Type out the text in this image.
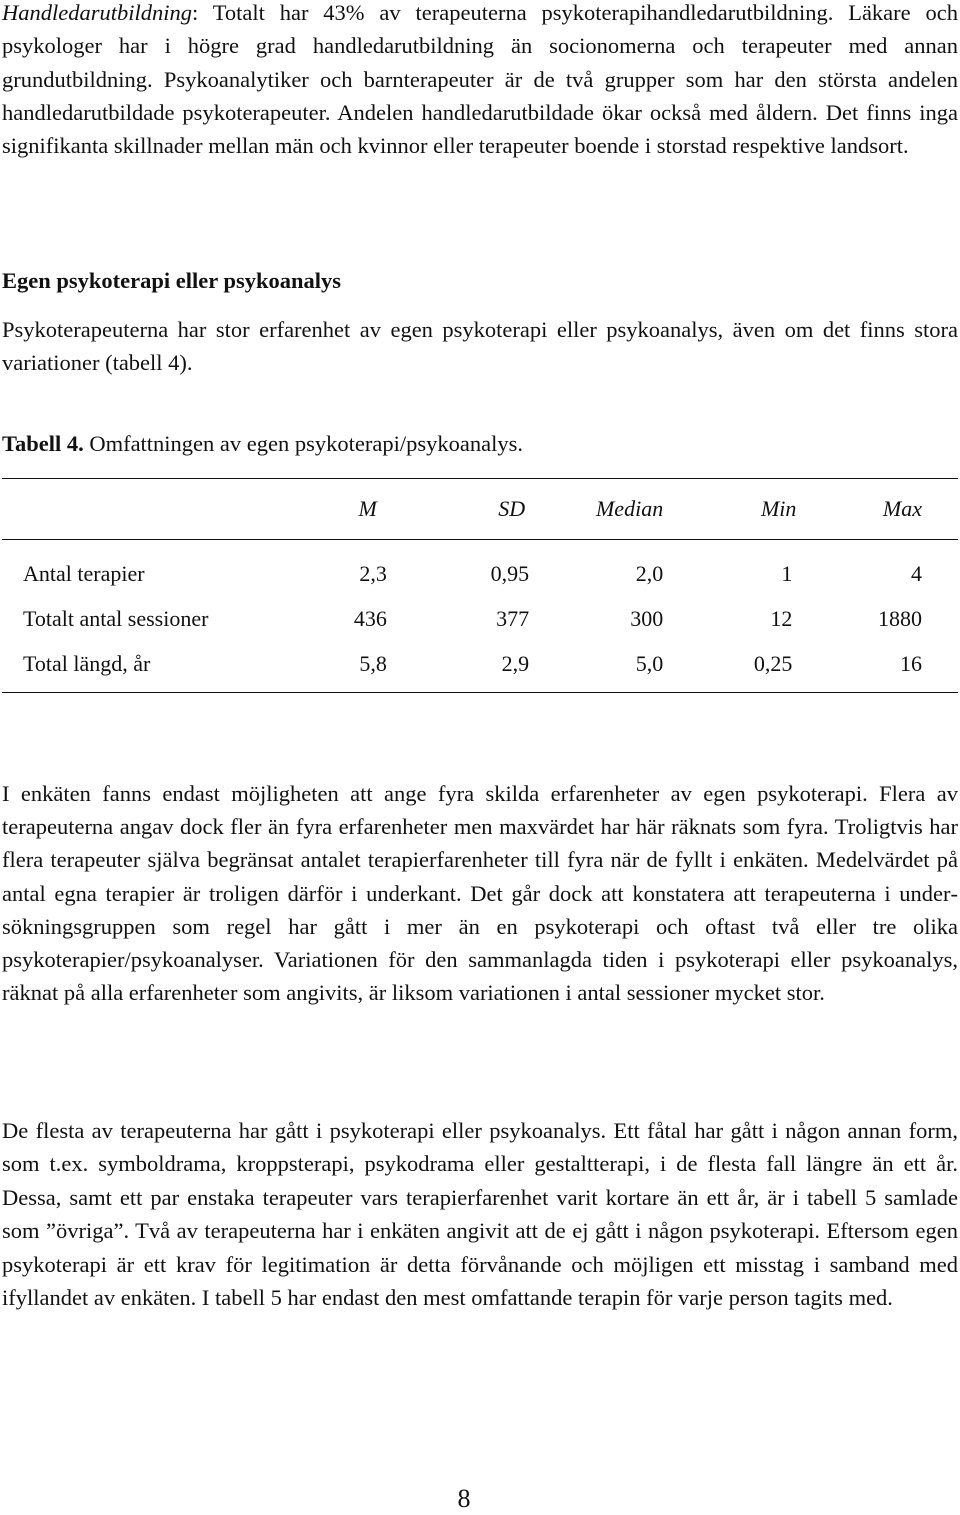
Handledarutbildning: Totalt har 43% av terapeuterna psykoterapihandledarutbildning. Läkare och psykologer har i högre grad handledarutbildning än socionomerna och terapeuter med annan grundutbildning. Psykoanalytiker och barnterapeuter är de två grupper som har den största andelen handledarutbildade psykoterapeuter. Andelen handledarutbildade ökar också med åldern. Det finns inga signifikanta skillnader mellan män och kvinnor eller terapeuter boende i storstad respektive landsort.

Egen psykoterapi eller psykoanalys

Psykoterapeuterna har stor erfarenhet av egen psykoterapi eller psykoanalys, även om det finns stora variationer (tabell 4).

Tabell 4. Omfattningen av egen psykoterapi/psykoanalys.
	M	SD	Median	Min	Max
Antal terapier	2,3	0,95	2,0	1	4
Totalt antal sessioner	436	377	300	12	1880
Total längd, år	5,8	2,9	5,0	0,25	16

I enkäten fanns endast möjligheten att ange fyra skilda erfarenheter av egen psykoterapi. Flera av terapeuterna angav dock fler än fyra erfarenheter men maxvärdet har här räknats som fyra. Troligtvis har flera terapeuter själva begränsat antalet terapierfarenheter till fyra när de fyllt i enkäten. Medelvärdet på antal egna terapier är troligen därför i underkant. Det går dock att konstatera att terapeuterna i undersökningsgruppen som regel har gått i mer än en psykoterapi och oftast två eller tre olika psykoterapier/psykoanalyser. Variationen för den sammanlagda tiden i psykoterapi eller psykoanalys, räknat på alla erfarenheter som angivits, är liksom variationen i antal sessioner mycket stor.

De flesta av terapeuterna har gått i psykoterapi eller psykoanalys. Ett fåtal har gått i någon annan form, som t.ex. symboldrama, kroppsterapi, psykodrama eller gestaltterapi, i de flesta fall längre än ett år. Dessa, samt ett par enstaka terapeuter vars terapierfarenhet varit kortare än ett år, är i tabell 5 samlade som ”övriga”. Två av terapeuterna har i enkäten angivit att de ej gått i någon psykoterapi. Eftersom egen psykoterapi är ett krav för legitimation är detta förvånande och möjligen ett misstag i samband med ifyllandet av enkäten. I tabell 5 har endast den mest omfattande terapin för varje person tagits med.

8
